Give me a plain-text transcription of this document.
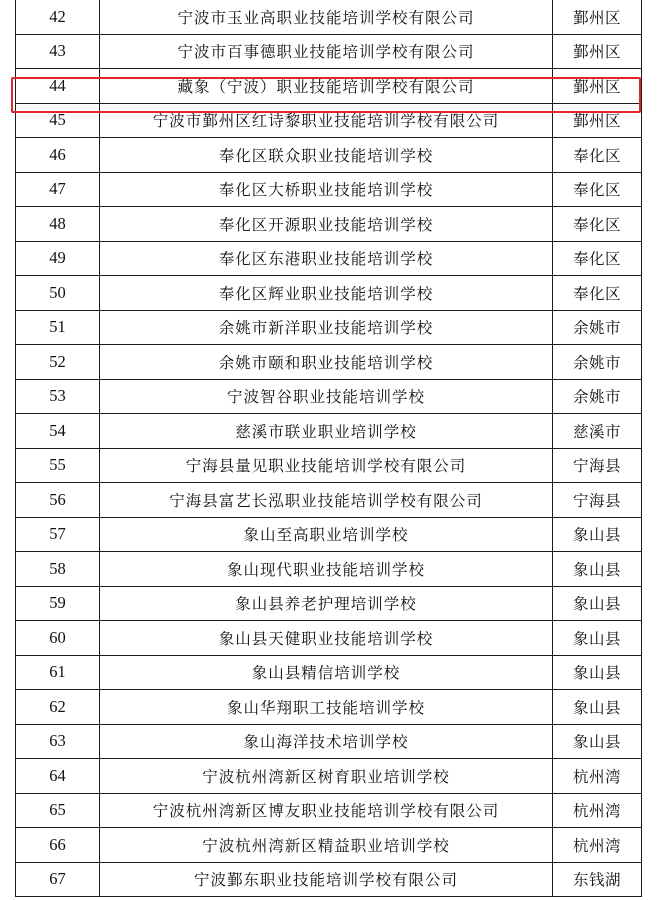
42	宁波市玉业高职业技能培训学校有限公司	鄞州区
43	宁波市百事德职业技能培训学校有限公司	鄞州区
44	藏象（宁波）职业技能培训学校有限公司	鄞州区
45	宁波市鄞州区红诗黎职业技能培训学校有限公司	鄞州区
46	奉化区联众职业技能培训学校	奉化区
47	奉化区大桥职业技能培训学校	奉化区
48	奉化区开源职业技能培训学校	奉化区
49	奉化区东港职业技能培训学校	奉化区
50	奉化区辉业职业技能培训学校	奉化区
51	余姚市新洋职业技能培训学校	余姚市
52	余姚市颐和职业技能培训学校	余姚市
53	宁波智谷职业技能培训学校	余姚市
54	慈溪市联业职业培训学校	慈溪市
55	宁海县量见职业技能培训学校有限公司	宁海县
56	宁海县富艺长泓职业技能培训学校有限公司	宁海县
57	象山至高职业培训学校	象山县
58	象山现代职业技能培训学校	象山县
59	象山县养老护理培训学校	象山县
60	象山县天健职业技能培训学校	象山县
61	象山县精信培训学校	象山县
62	象山华翔职工技能培训学校	象山县
63	象山海洋技术培训学校	象山县
64	宁波杭州湾新区树育职业培训学校	杭州湾
65	宁波杭州湾新区博友职业技能培训学校有限公司	杭州湾
66	宁波杭州湾新区精益职业培训学校	杭州湾
67	宁波鄞东职业技能培训学校有限公司	东钱湖
